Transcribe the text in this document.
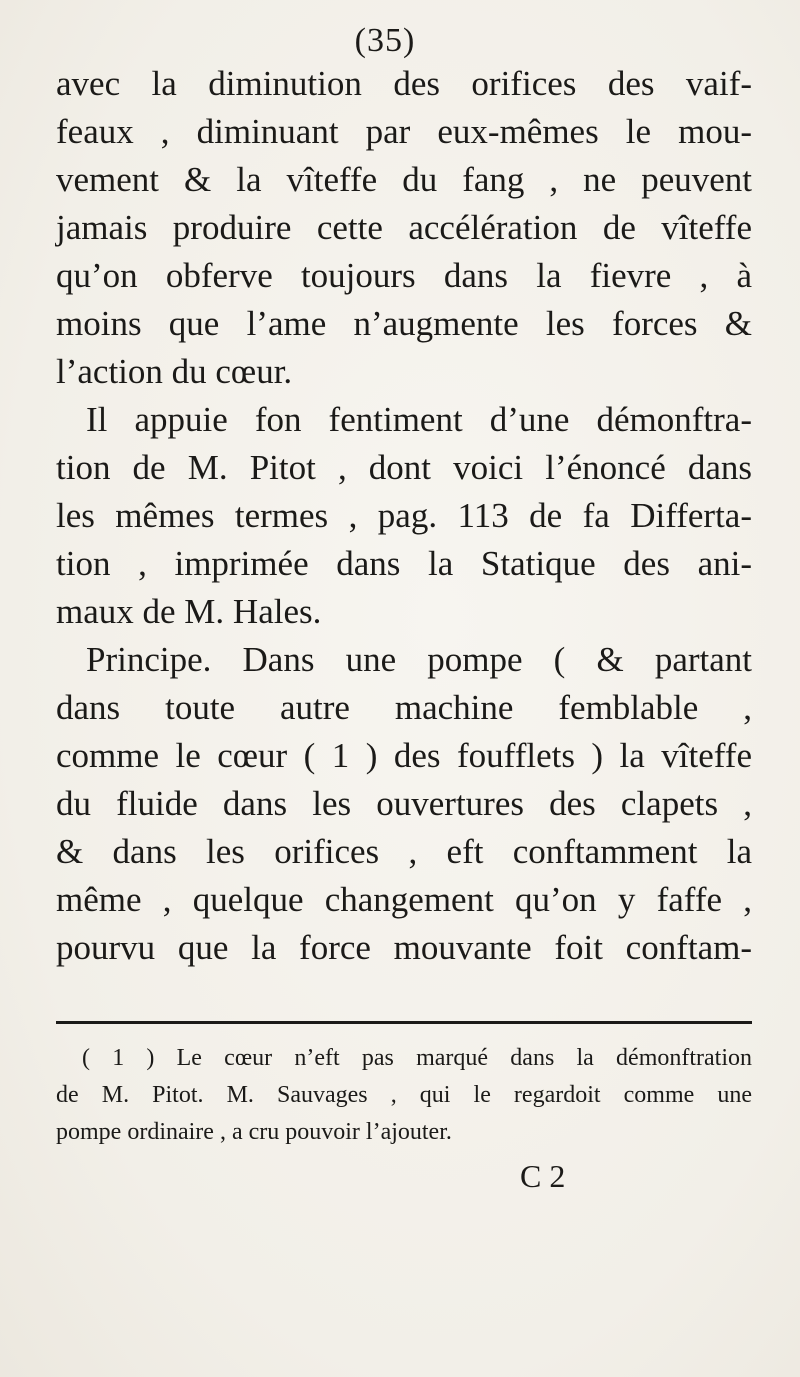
(35)
avec la diminution des orifices des vaif-
feaux , diminuant par eux-mêmes le mou-
vement & la vîteffe du fang , ne peuvent
jamais produire cette accélération de vîteffe
qu’on obferve toujours dans la fievre , à
moins que l’ame n’augmente les forces &
l’action du cœur.
Il appuie fon fentiment d’une démonftra-
tion de M. Pitot , dont voici l’énoncé dans
les mêmes termes , pag. 113 de fa Differta-
tion , imprimée dans la Statique des ani-
maux de M. Hales.
Principe. Dans une pompe ( & partant
dans toute autre machine femblable ,
comme le cœur ( 1 ) des foufflets ) la vîteffe
du fluide dans les ouvertures des clapets ,
& dans les orifices , eft conftamment la
même , quelque changement qu’on y faffe ,
pourvu que la force mouvante foit conftam-
( 1 ) Le cœur n’eft pas marqué dans la démonftration
de M. Pitot. M. Sauvages , qui le regardoit comme une
pompe ordinaire , a cru pouvoir l’ajouter.
C 2
